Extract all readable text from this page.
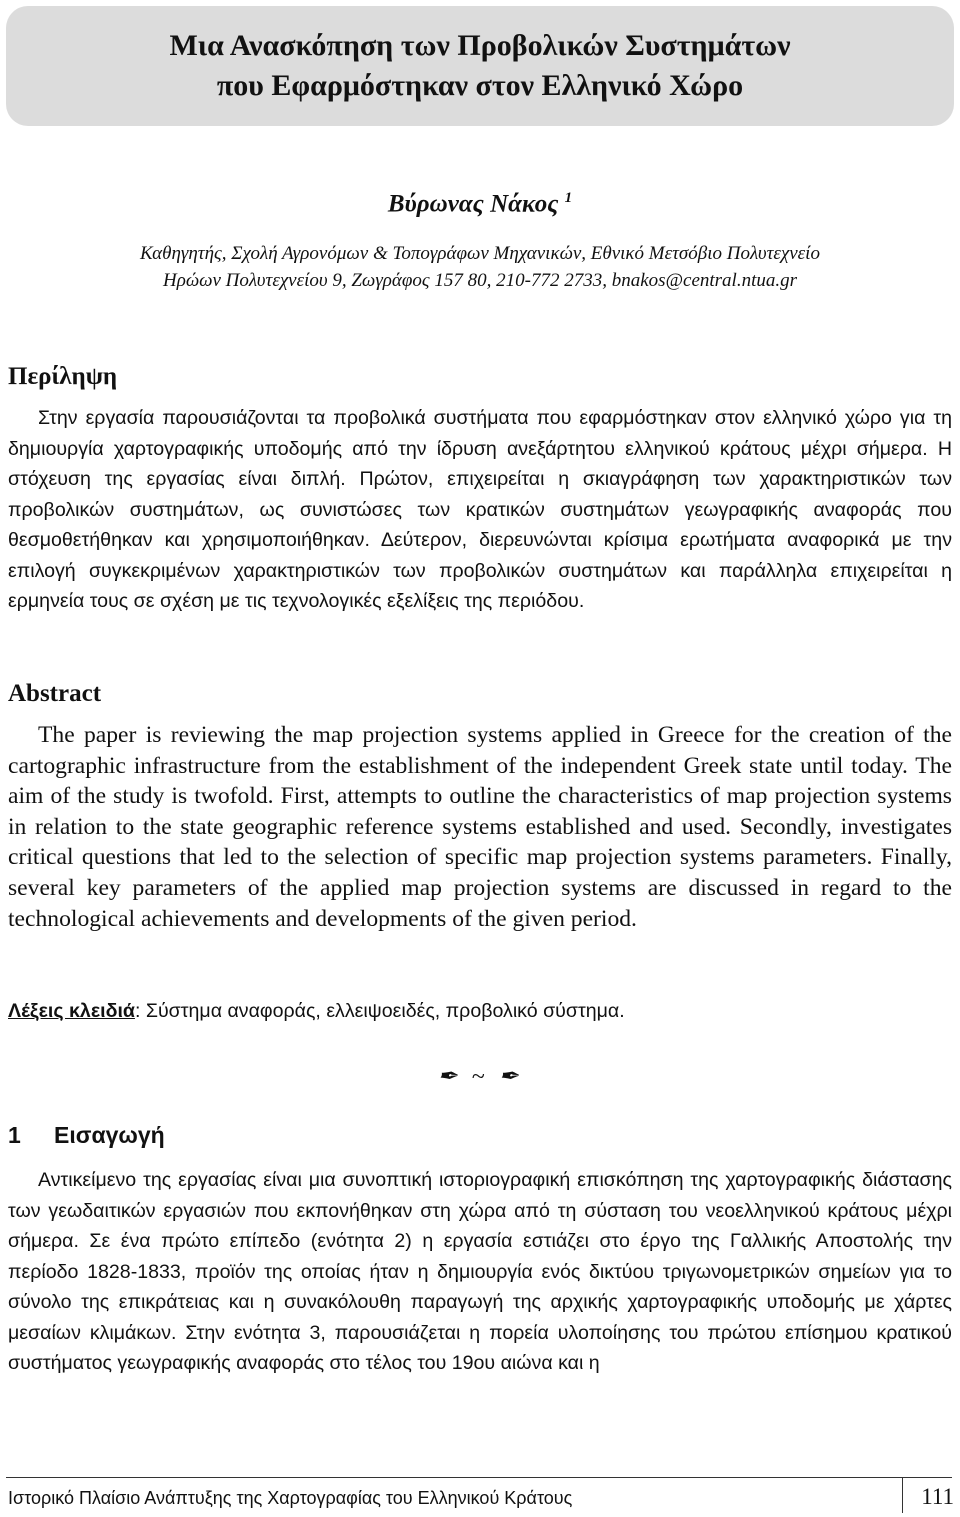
Μια Ανασκόπηση των Προβολικών Συστημάτων
που Εφαρμόστηκαν στον Ελληνικό Χώρο
Βύρωνας Νάκος $^1$
Καθηγητής, Σχολή Αγρονόμων & Τοπογράφων Μηχανικών, Εθνικό Μετσόβιο Πολυτεχνείο
Ηρώων Πολυτεχνείου 9, Ζωγράφος 157 80, 210-772 2733, bnakos@central.ntua.gr
Περίληψη

Στην εργασία παρουσιάζονται τα προβολικά συστήματα που εφαρμόστηκαν στον ελληνικό χώρο για τη δημιουργία χαρτογραφικής υποδομής από την ίδρυση ανεξάρτητου ελληνικού κράτους μέχρι σήμερα. Η στόχευση της εργασίας είναι διπλή. Πρώτον, επιχειρείται η σκιαγράφηση των χαρακτηριστικών των προβολικών συστημάτων, ως συνιστώσες των κρατικών συστημάτων γεωγραφικής αναφοράς που θεσμοθετήθηκαν και χρησιμοποιήθηκαν. Δεύτερον, διερευνώνται κρίσιμα ερωτήματα αναφορικά με την επιλογή συγκεκριμένων χαρακτηριστικών των προβολικών συστημάτων και παράλληλα επιχειρείται η ερμηνεία τους σε σχέση με τις τεχνολογικές εξελίξεις της περιόδου.

Abstract

The paper is reviewing the map projection systems applied in Greece for the creation of the cartographic infrastructure from the establishment of the independent Greek state until today. The aim of the study is twofold. First, attempts to outline the characteristics of map projection systems in relation to the state geographic reference systems established and used. Secondly, investigates critical questions that led to the selection of specific map projection systems parameters. Finally, several key parameters of the applied map projection systems are discussed in regard to the technological achievements and developments of the given period.

Λέξεις κλειδιά: Σύστημα αναφοράς, ελλειψοειδές, προβολικό σύστημα.
✒ ~ ✒
1 Εισαγωγή

Αντικείμενο της εργασίας είναι μια συνοπτική ιστοριογραφική επισκόπηση της χαρτογραφικής διάστασης των γεωδαιτικών εργασιών που εκπονήθηκαν στη χώρα από τη σύσταση του νεοελληνικού κράτους μέχρι σήμερα. Σε ένα πρώτο επίπεδο (ενότητα 2) η εργασία εστιάζει στο έργο της Γαλλικής Αποστολής την περίοδο 1828-1833, προϊόν της οποίας ήταν η δημιουργία ενός δικτύου τριγωνομετρικών σημείων για το σύνολο της επικράτειας και η συνακόλουθη παραγωγή της αρχικής χαρτογραφικής υποδομής με χάρτες μεσαίων κλιμάκων. Στην ενότητα 3, παρουσιάζεται η πορεία υλοποίησης του πρώτου επίσημου κρατικού συστήματος γεωγραφικής αναφοράς στο τέλος του 19ου αιώνα και η

Ιστορικό Πλαίσιο Ανάπτυξης της Χαρτογραφίας του Ελληνικού Κράτους	111
